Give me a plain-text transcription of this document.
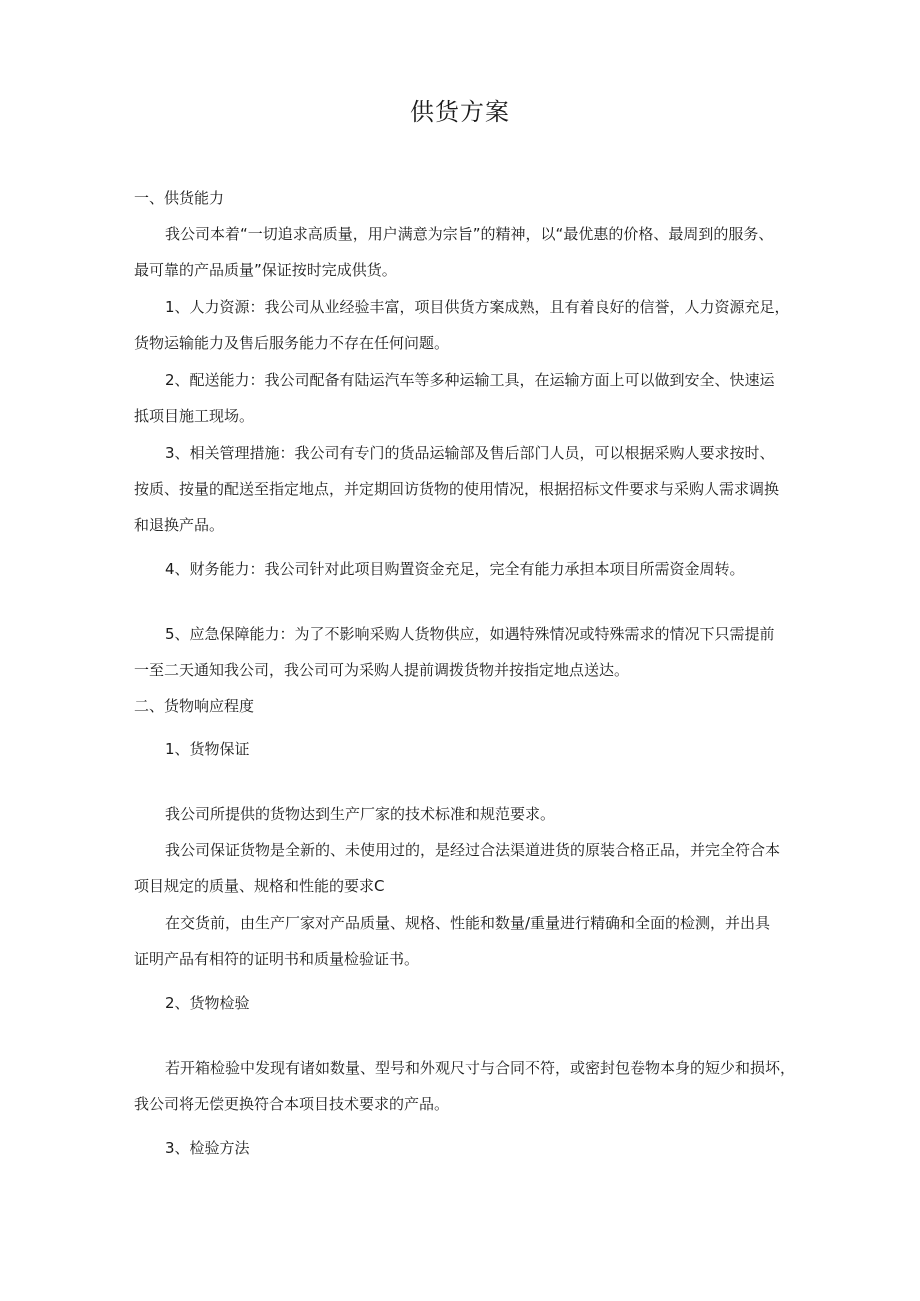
供货方案
一、供货能力
我公司本着“一切追求高质量，用户满意为宗旨”的精神，以“最优惠的价格、最周到的服务、
最可靠的产品质量”保证按时完成供货。
1、人力资源：我公司从业经验丰富，项目供货方案成熟，且有着良好的信誉，人力资源充足，
货物运输能力及售后服务能力不存在任何问题。
2、配送能力：我公司配备有陆运汽车等多种运输工具，在运输方面上可以做到安全、快速运
抵项目施工现场。
3、相关管理措施：我公司有专门的货品运输部及售后部门人员，可以根据采购人要求按时、
按质、按量的配送至指定地点，并定期回访货物的使用情况，根据招标文件要求与采购人需求调换
和退换产品。
4、财务能力：我公司针对此项目购置资金充足，完全有能力承担本项目所需资金周转。
5、应急保障能力：为了不影响采购人货物供应，如遇特殊情况或特殊需求的情况下只需提前
一至二天通知我公司，我公司可为采购人提前调拨货物并按指定地点送达。
二、货物响应程度
1、货物保证
我公司所提供的货物达到生产厂家的技术标准和规范要求。
我公司保证货物是全新的、未使用过的，是经过合法渠道进货的原装合格正品，并完全符合本
项目规定的质量、规格和性能的要求C
在交货前，由生产厂家对产品质量、规格、性能和数量/重量进行精确和全面的检测，并出具
证明产品有相符的证明书和质量检验证书。
2、货物检验
若开箱检验中发现有诸如数量、型号和外观尺寸与合同不符，或密封包卷物本身的短少和损坏，
我公司将无偿更换符合本项目技术要求的产品。
3、检验方法
